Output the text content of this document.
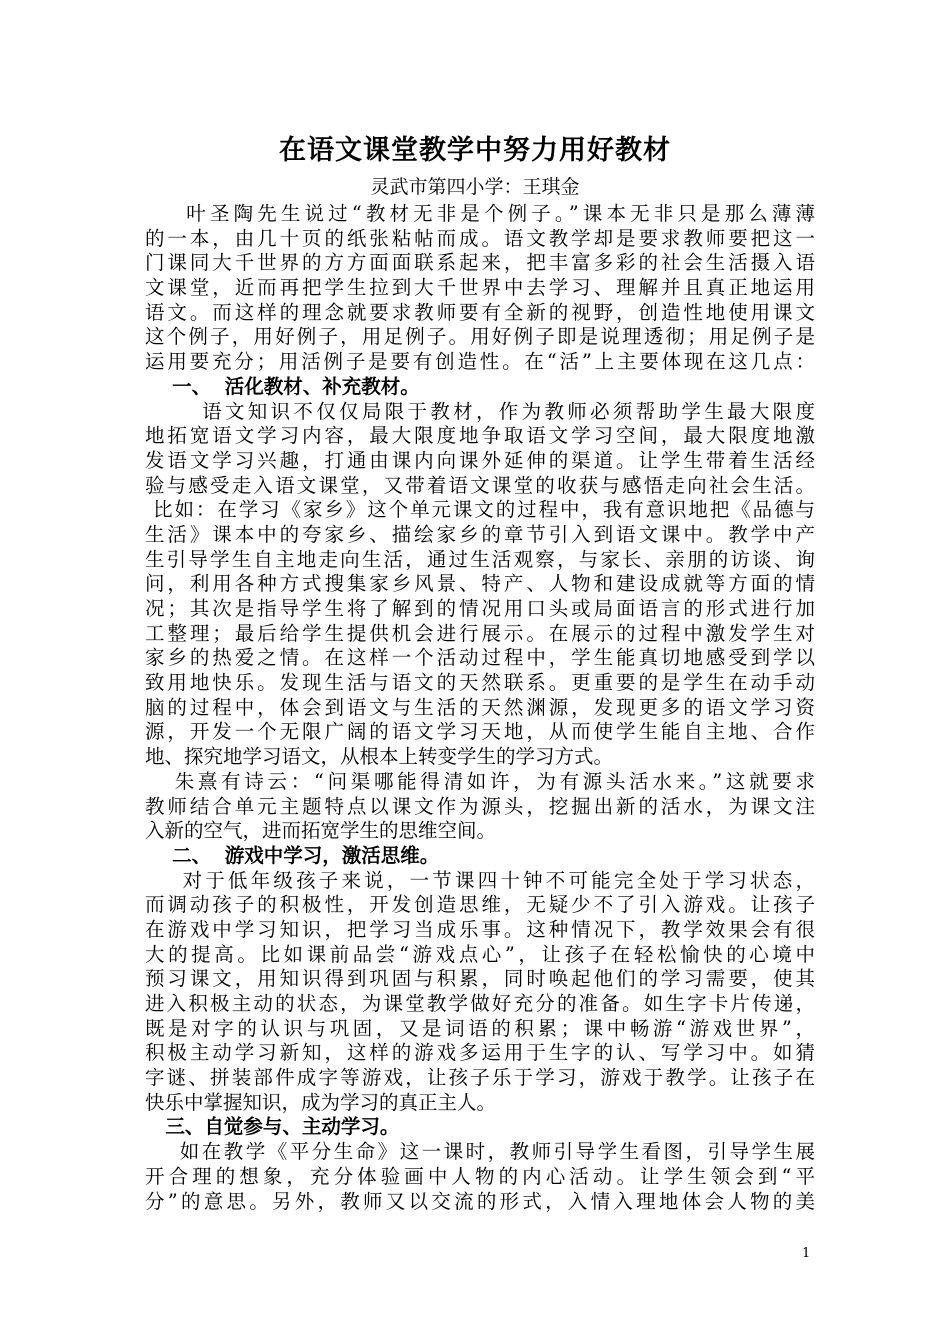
在语文课堂教学中努力用好教材
灵武市第四小学：王琪金
叶圣陶先生说过“教材无非是个例子。”课本无非只是那么薄薄
的一本，由几十页的纸张粘帖而成。语文教学却是要求教师要把这一
门课同大千世界的方方面面联系起来，把丰富多彩的社会生活摄入语
文课堂，近而再把学生拉到大千世界中去学习、理解并且真正地运用
语文。而这样的理念就要求教师要有全新的视野，创造性地使用课文
这个例子，用好例子，用足例子。用好例子即是说理透彻；用足例子是
运用要充分；用活例子是要有创造性。在“活”上主要体现在这几点：
一、  活化教材、补充教材。
语文知识不仅仅局限于教材，作为教师必须帮助学生最大限度
地拓宽语文学习内容，最大限度地争取语文学习空间，最大限度地激
发语文学习兴趣，打通由课内向课外延伸的渠道。让学生带着生活经
验与感受走入语文课堂，又带着语文课堂的收获与感悟走向社会生活。
比如：在学习《家乡》这个单元课文的过程中，我有意识地把《品德与
生活》课本中的夸家乡、描绘家乡的章节引入到语文课中。教学中产
生引导学生自主地走向生活，通过生活观察，与家长、亲朋的访谈、询
问，利用各种方式搜集家乡风景、特产、人物和建设成就等方面的情
况；其次是指导学生将了解到的情况用口头或局面语言的形式进行加
工整理；最后给学生提供机会进行展示。在展示的过程中激发学生对
家乡的热爱之情。在这样一个活动过程中，学生能真切地感受到学以
致用地快乐。发现生活与语文的天然联系。更重要的是学生在动手动
脑的过程中，体会到语文与生活的天然渊源，发现更多的语文学习资
源，开发一个无限广阔的语文学习天地，从而使学生能自主地、合作
地、探究地学习语文，从根本上转变学生的学习方式。
朱熹有诗云：“问渠哪能得清如许，为有源头活水来。”这就要求
教师结合单元主题特点以课文作为源头，挖掘出新的活水，为课文注
入新的空气，进而拓宽学生的思维空间。
二、  游戏中学习，激活思维。
对于低年级孩子来说，一节课四十钟不可能完全处于学习状态，
而调动孩子的积极性，开发创造思维，无疑少不了引入游戏。让孩子
在游戏中学习知识，把学习当成乐事。这种情况下，教学效果会有很
大的提高。比如课前品尝“游戏点心”，让孩子在轻松愉快的心境中
预习课文，用知识得到巩固与积累，同时唤起他们的学习需要，使其
进入积极主动的状态，为课堂教学做好充分的准备。如生字卡片传递，
既是对字的认识与巩固，又是词语的积累；课中畅游“游戏世界”，
积极主动学习新知，这样的游戏多运用于生字的认、写学习中。如猜
字谜、拼装部件成字等游戏，让孩子乐于学习，游戏于教学。让孩子在
快乐中掌握知识，成为学习的真正主人。
三、自觉参与、主动学习。
如在教学《平分生命》这一课时，教师引导学生看图，引导学生展
开合理的想象，充分体验画中人物的内心活动。让学生领会到“平
分”的意思。另外，教师又以交流的形式，入情入理地体会人物的美
1
